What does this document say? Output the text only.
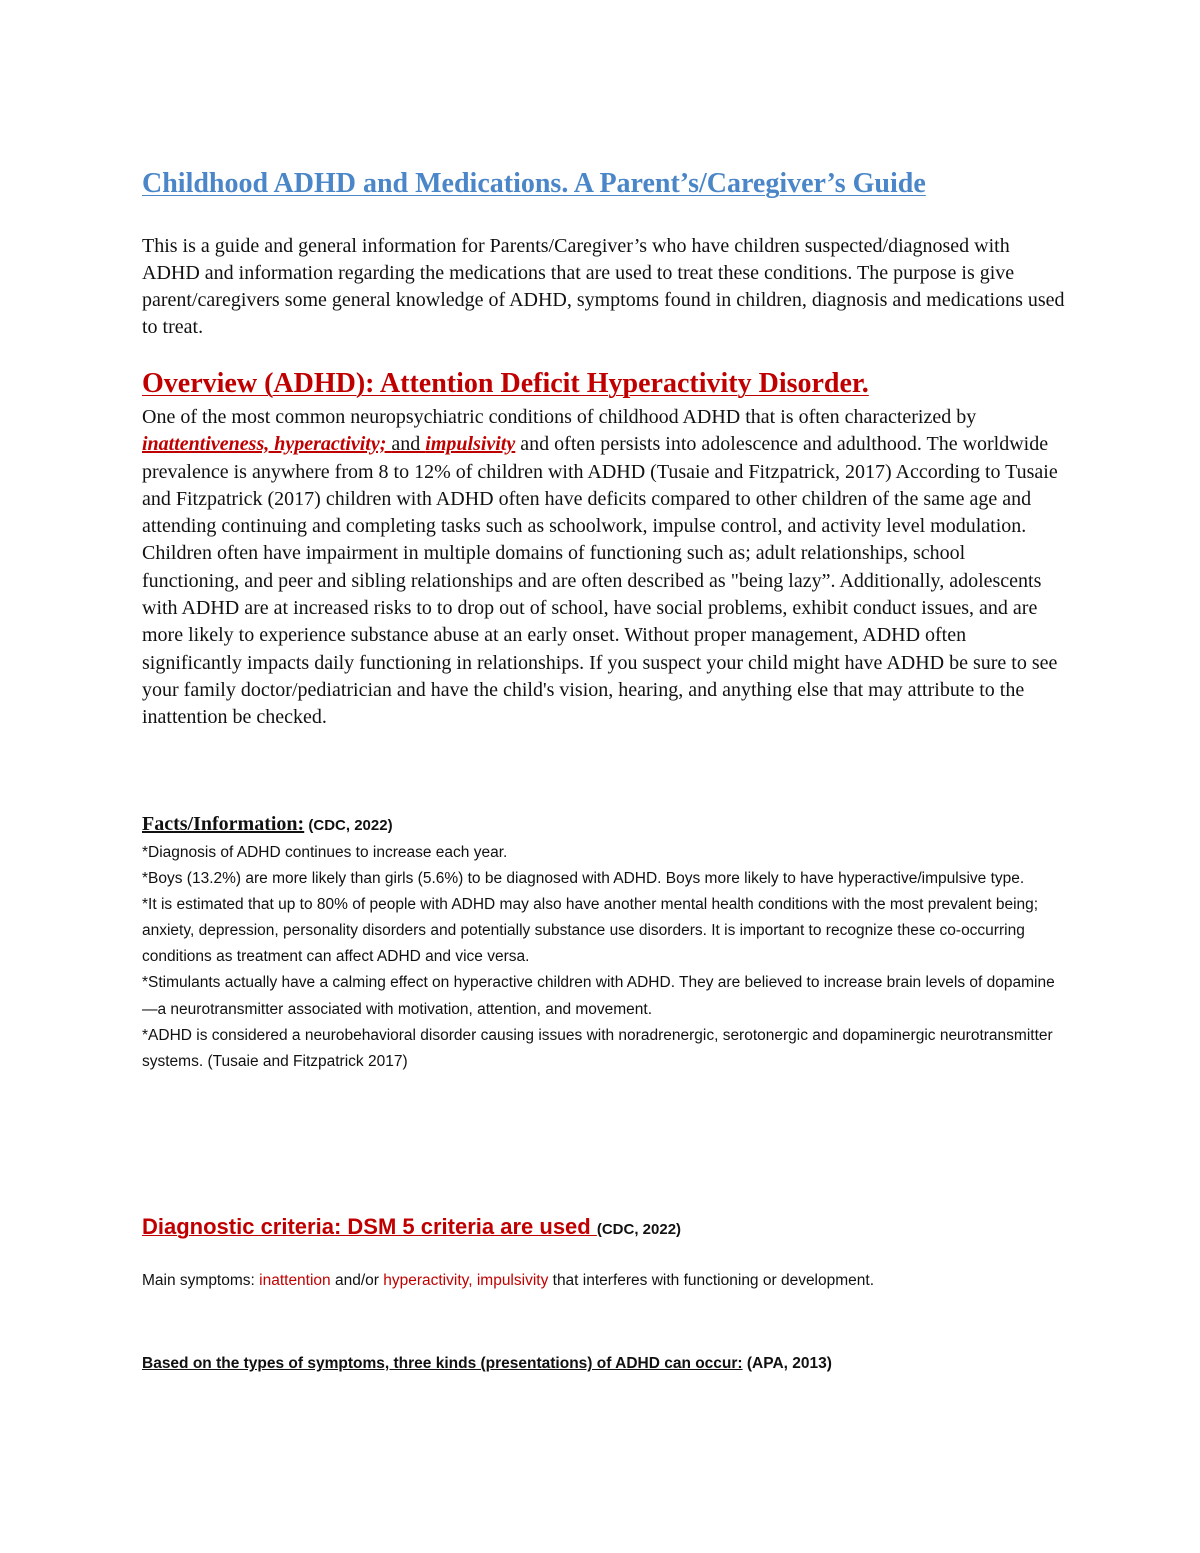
Childhood ADHD and Medications. A Parent’s/Caregiver’s Guide
This is a guide and general information for Parents/Caregiver’s who have children suspected/diagnosed with ADHD and information regarding the medications that are used to treat these conditions. The purpose is give parent/caregivers some general knowledge of ADHD, symptoms found in children, diagnosis and medications used to treat.
Overview (ADHD): Attention Deficit Hyperactivity Disorder.
One of the most common neuropsychiatric conditions of childhood ADHD that is often characterized by inattentiveness, hyperactivity; and impulsivity and often persists into adolescence and adulthood. The worldwide prevalence is anywhere from 8 to 12% of children with ADHD (Tusaie and Fitzpatrick, 2017) According to Tusaie and Fitzpatrick (2017) children with ADHD often have deficits compared to other children of the same age and attending continuing and completing tasks such as schoolwork, impulse control, and activity level modulation. Children often have impairment in multiple domains of functioning such as; adult relationships, school functioning, and peer and sibling relationships and are often described as "being lazy”. Additionally, adolescents with ADHD are at increased risks to to drop out of school, have social problems, exhibit conduct issues, and are more likely to experience substance abuse at an early onset. Without proper management, ADHD often significantly impacts daily functioning in relationships. If you suspect your child might have ADHD be sure to see your family doctor/pediatrician and have the child's vision, hearing, and anything else that may attribute to the inattention be checked.
Facts/Information: (CDC, 2022)

*Diagnosis of ADHD continues to increase each year.

*Boys (13.2%) are more likely than girls (5.6%) to be diagnosed with ADHD. Boys more likely to have hyperactive/impulsive type.

*It is estimated that up to 80% of people with ADHD may also have another mental health conditions with the most prevalent being; anxiety, depression, personality disorders and potentially substance use disorders. It is important to recognize these co-occurring conditions as treatment can affect ADHD and vice versa.

*Stimulants actually have a calming effect on hyperactive children with ADHD. They are believed to increase brain levels of dopamine—a neurotransmitter associated with motivation, attention, and movement.

*ADHD is considered a neurobehavioral disorder causing issues with noradrenergic, serotonergic and dopaminergic neurotransmitter systems. (Tusaie and Fitzpatrick 2017)

Diagnostic criteria: DSM 5 criteria are used (CDC, 2022)
Main symptoms: inattention and/or hyperactivity, impulsivity that interferes with functioning or development.
Based on the types of symptoms, three kinds (presentations) of ADHD can occur: (APA, 2013)
